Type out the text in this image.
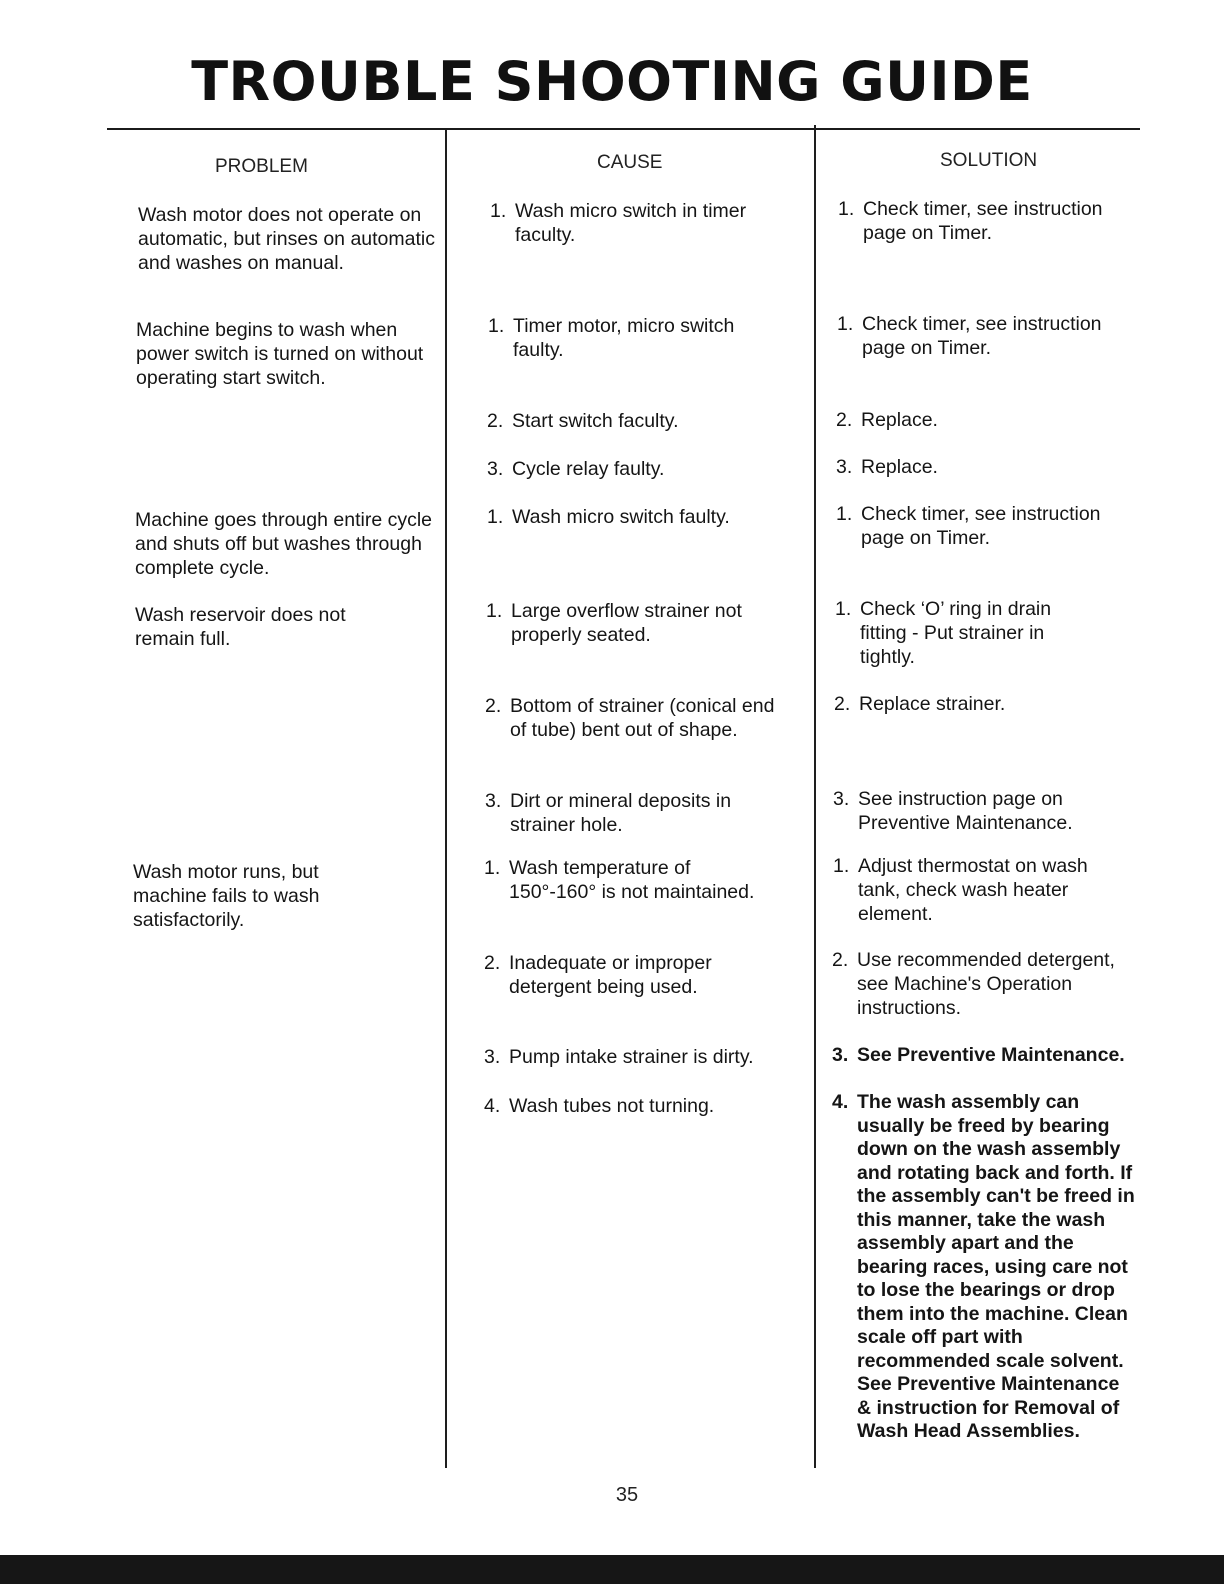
TROUBLE SHOOTING GUIDE
PROBLEM	CAUSE	SOLUTION
Wash motor does not operate on automatic, but rinses on automatic and washes on manual.
Machine begins to wash when power switch is turned on without operating start switch.
Machine goes through entire cycle and shuts off but washes through complete cycle.
Wash reservoir does not remain full.
Wash motor runs, but machine fails to wash satisfactorily.
1. Wash micro switch in timer faculty.
1. Timer motor, micro switch faulty.
2. Start switch faculty.
3. Cycle relay faulty.
1. Wash micro switch faulty.
1. Large overflow strainer not properly seated.
2. Bottom of strainer (conical end of tube) bent out of shape.
3. Dirt or mineral deposits in strainer hole.
1. Wash temperature of 150°-160° is not maintained.
2. Inadequate or improper detergent being used.
3. Pump intake strainer is dirty.
4. Wash tubes not turning.
1. Check timer, see instruction page on Timer.
1. Check timer, see instruction page on Timer.
2. Replace.
3. Replace.
1. Check timer, see instruction page on Timer.
1. Check ‘O’ ring in drain fitting - Put strainer in tightly.
2. Replace strainer.
3. See instruction page on Preventive Maintenance.
1. Adjust thermostat on wash tank, check wash heater element.
2. Use recommended detergent, see Machine's Operation instructions.
3. See Preventive Maintenance.
4. The wash assembly can usually be freed by bearing down on the wash assembly and rotating back and forth. If the assembly can't be freed in this manner, take the wash assembly apart and the bearing races, using care not to lose the bearings or drop them into the machine. Clean scale off part with recommended scale solvent. See Preventive Maintenance & instruction for Removal of Wash Head Assemblies.
35
